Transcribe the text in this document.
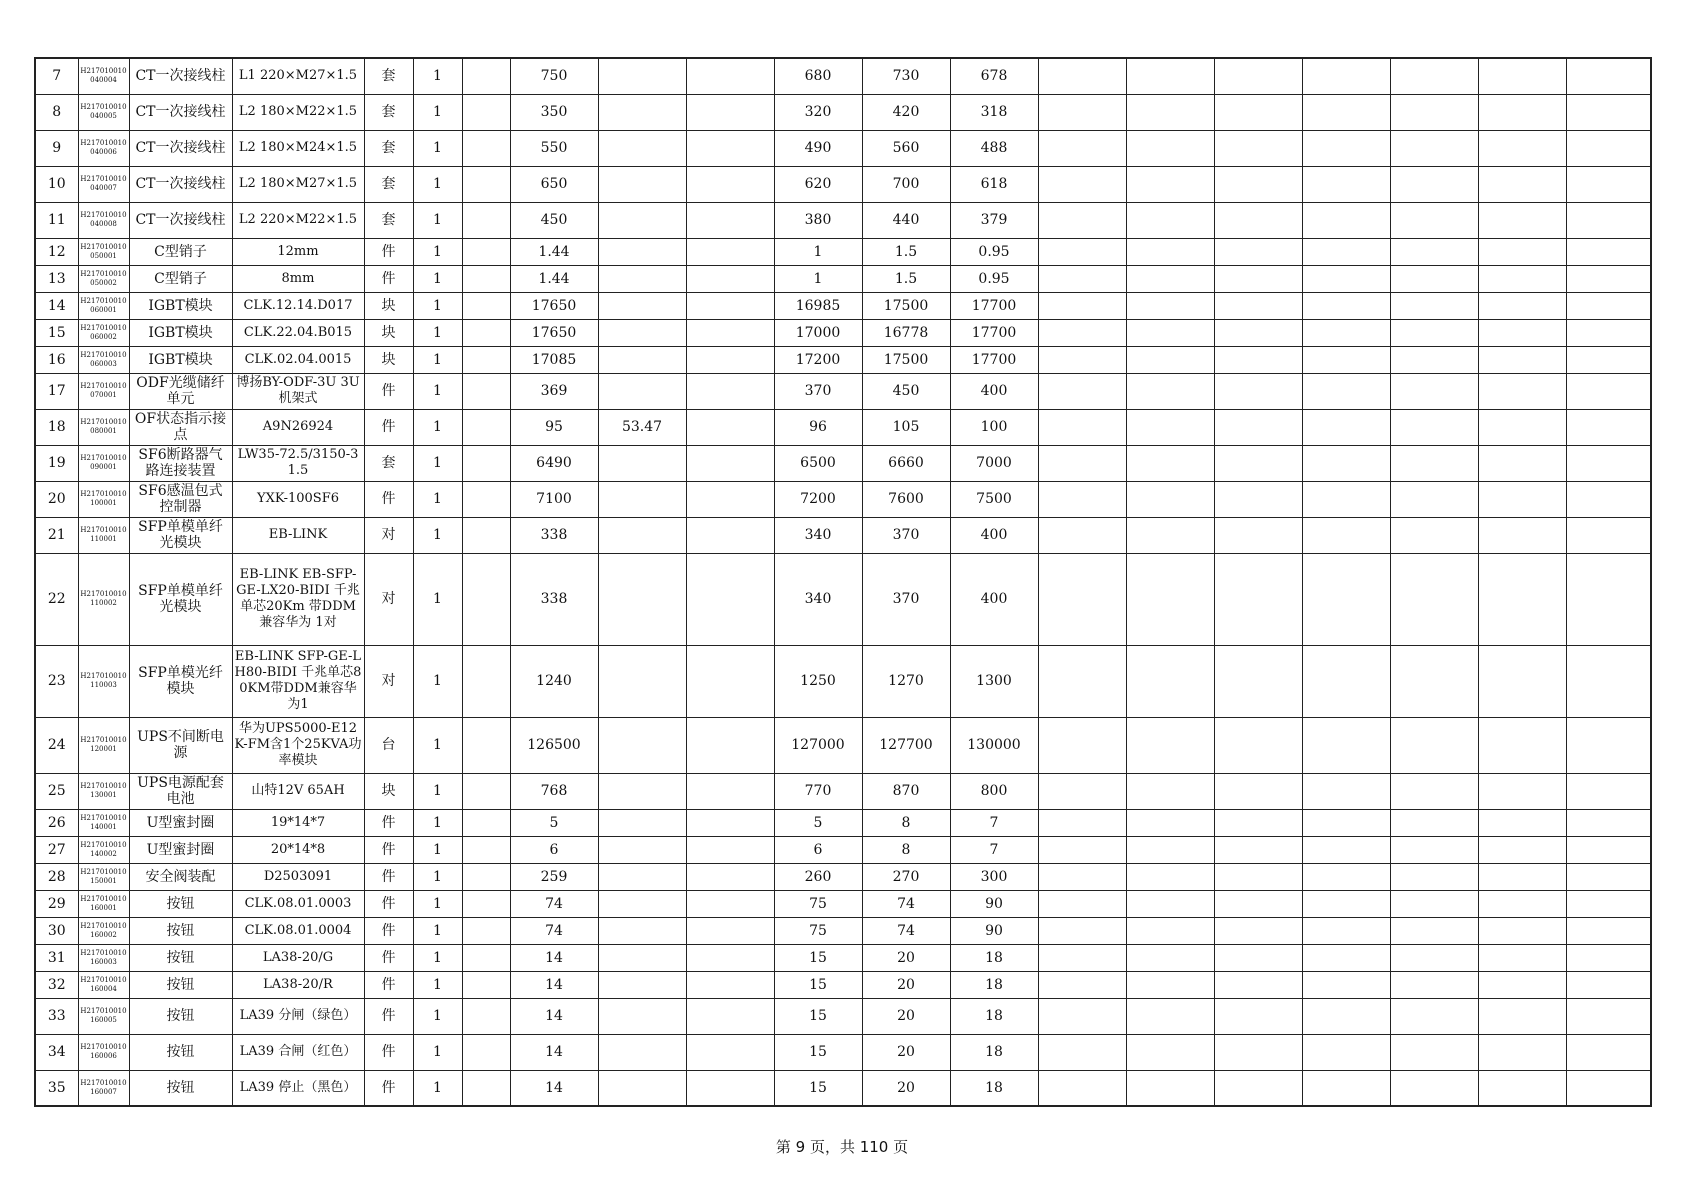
7	H217010010040004	CT一次接线柱	L1 220×M27×1.5	套	1		750			680	730	678							
8	H217010010040005	CT一次接线柱	L2 180×M22×1.5	套	1		350			320	420	318							
9	H217010010040006	CT一次接线柱	L2 180×M24×1.5	套	1		550			490	560	488							
10	H217010010040007	CT一次接线柱	L2 180×M27×1.5	套	1		650			620	700	618							
11	H217010010040008	CT一次接线柱	L2 220×M22×1.5	套	1		450			380	440	379							
12	H217010010050001	C型销子	12mm	件	1		1.44			1	1.5	0.95							
13	H217010010050002	C型销子	8mm	件	1		1.44			1	1.5	0.95							
14	H217010010060001	IGBT模块	CLK.12.14.D017	块	1		17650			16985	17500	17700							
15	H217010010060002	IGBT模块	CLK.22.04.B015	块	1		17650			17000	16778	17700							
16	H217010010060003	IGBT模块	CLK.02.04.0015	块	1		17085			17200	17500	17700							
17	H217010010070001	ODF光缆储纤单元	博扬BY-ODF-3U 3U机架式	件	1		369			370	450	400							
18	H217010010080001	OF状态指示接点	A9N26924	件	1		95	53.47		96	105	100							
19	H217010010090001	SF6断路器气路连接装置	LW35-72.5/3150-31.5	套	1		6490			6500	6660	7000							
20	H217010010100001	SF6感温包式控制器	YXK-100SF6	件	1		7100			7200	7600	7500							
21	H217010010110001	SFP单模单纤光模块	EB-LINK	对	1		338			340	370	400							
22	H217010010110002	SFP单模单纤光模块	EB-LINK EB-SFP-GE-LX20-BIDI 千兆单芯20Km 带DDM兼容华为 1对	对	1		338			340	370	400							
23	H217010010110003	SFP单模光纤模块	EB-LINK SFP-GE-LH80-BIDI 千兆单芯80KM带DDM兼容华为1	对	1		1240			1250	1270	1300							
24	H217010010120001	UPS不间断电源	华为UPS5000-E12K-FM含1个25KVA功率模块	台	1		126500			127000	127700	130000							
25	H217010010130001	UPS电源配套电池	山特12V 65AH	块	1		768			770	870	800							
26	H217010010140001	U型蜜封圈	19*14*7	件	1		5			5	8	7							
27	H217010010140002	U型蜜封圈	20*14*8	件	1		6			6	8	7							
28	H217010010150001	安全阀装配	D2503091	件	1		259			260	270	300							
29	H217010010160001	按钮	CLK.08.01.0003	件	1		74			75	74	90							
30	H217010010160002	按钮	CLK.08.01.0004	件	1		74			75	74	90							
31	H217010010160003	按钮	LA38-20/G	件	1		14			15	20	18							
32	H217010010160004	按钮	LA38-20/R	件	1		14			15	20	18							
33	H217010010160005	按钮	LA39 分闸（绿色）	件	1		14			15	20	18							
34	H217010010160006	按钮	LA39 合闸（红色）	件	1		14			15	20	18							
35	H217010010160007	按钮	LA39 停止（黑色）	件	1		14			15	20	18							
第 9 页，共 110 页
